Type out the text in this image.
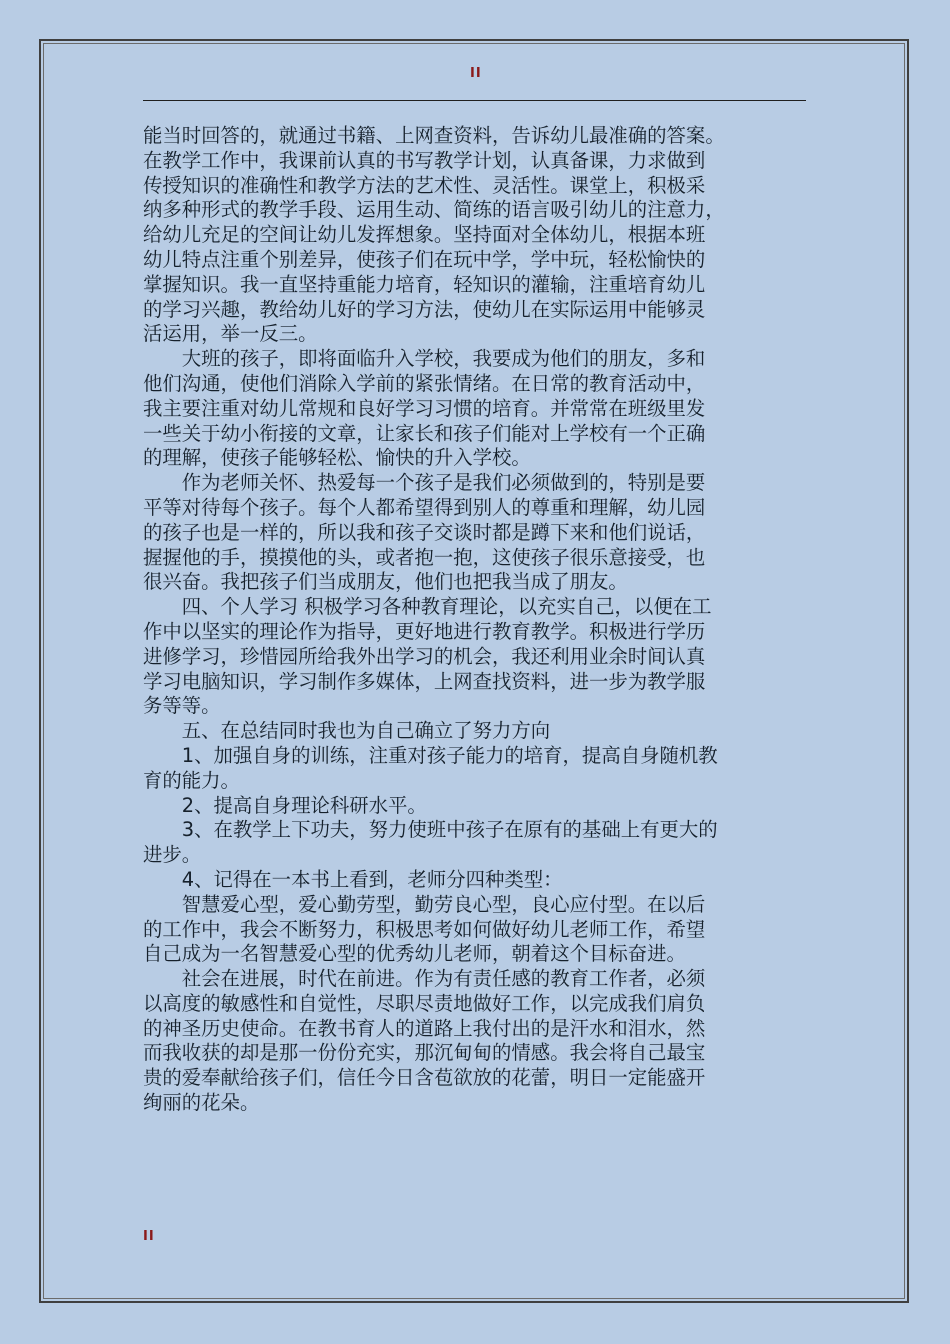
II

能当时回答的，就通过书籍、上网查资料，告诉幼儿最准确的答案。
在教学工作中，我课前认真的书写教学计划，认真备课，力求做到
传授知识的准确性和教学方法的艺术性、灵活性。课堂上，积极采
纳多种形式的教学手段、运用生动、简练的语言吸引幼儿的注意力，
给幼儿充足的空间让幼儿发挥想象。坚持面对全体幼儿，根据本班
幼儿特点注重个别差异，使孩子们在玩中学，学中玩，轻松愉快的
掌握知识。我一直坚持重能力培育，轻知识的灌输，注重培育幼儿
的学习兴趣，教给幼儿好的学习方法，使幼儿在实际运用中能够灵
活运用，举一反三。

　　大班的孩子，即将面临升入学校，我要成为他们的朋友，多和
他们沟通，使他们消除入学前的紧张情绪。在日常的教育活动中，
我主要注重对幼儿常规和良好学习习惯的培育。并常常在班级里发
一些关于幼小衔接的文章，让家长和孩子们能对上学校有一个正确
的理解，使孩子能够轻松、愉快的升入学校。

　　作为老师关怀、热爱每一个孩子是我们必须做到的，特别是要
平等对待每个孩子。每个人都希望得到别人的尊重和理解，幼儿园
的孩子也是一样的，所以我和孩子交谈时都是蹲下来和他们说话，
握握他的手，摸摸他的头，或者抱一抱，这使孩子很乐意接受，也
很兴奋。我把孩子们当成朋友，他们也把我当成了朋友。

　　四、个人学习 积极学习各种教育理论，以充实自己，以便在工
作中以坚实的理论作为指导，更好地进行教育教学。积极进行学历
进修学习，珍惜园所给我外出学习的机会，我还利用业余时间认真
学习电脑知识，学习制作多媒体，上网查找资料，进一步为教学服
务等等。

　　五、在总结同时我也为自己确立了努力方向

　　1、加强自身的训练，注重对孩子能力的培育，提高自身随机教
育的能力。

　　2、提高自身理论科研水平。

　　3、在教学上下功夫，努力使班中孩子在原有的基础上有更大的
进步。

　　4、记得在一本书上看到，老师分四种类型：

　　智慧爱心型，爱心勤劳型，勤劳良心型，良心应付型。在以后
的工作中，我会不断努力，积极思考如何做好幼儿老师工作，希望
自己成为一名智慧爱心型的优秀幼儿老师，朝着这个目标奋进。

　　社会在进展，时代在前进。作为有责任感的教育工作者，必须
以高度的敏感性和自觉性，尽职尽责地做好工作，以完成我们肩负
的神圣历史使命。在教书育人的道路上我付出的是汗水和泪水，然
而我收获的却是那一份份充实，那沉甸甸的情感。我会将自己最宝
贵的爱奉献给孩子们，信任今日含苞欲放的花蕾，明日一定能盛开
绚丽的花朵。

II
